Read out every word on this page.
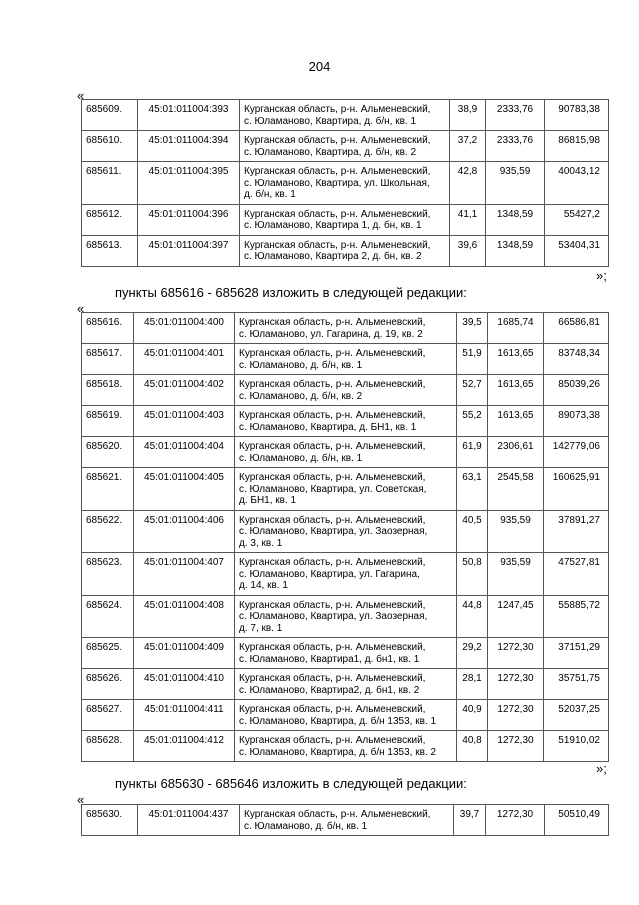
204
«
685609.	45:01:011004:393	Курганская область, р-н. Альменевский,
с. Юламаново, Квартира, д. б/н, кв. 1	38,9	2333,76	90783,38
685610.	45:01:011004:394	Курганская область, р-н. Альменевский,
с. Юламаново, Квартира, д. б/н, кв. 2	37,2	2333,76	86815,98
685611.	45:01:011004:395	Курганская область, р-н. Альменевский,
с. Юламаново, Квартира, ул. Школьная,
д. б/н, кв. 1	42,8	935,59	40043,12
685612.	45:01:011004:396	Курганская область, р-н. Альменевский,
с. Юламаново, Квартира 1, д. бн, кв. 1	41,1	1348,59	55427,2
685613.	45:01:011004:397	Курганская область, р-н. Альменевский,
с. Юламаново, Квартира 2, д. бн, кв. 2	39,6	1348,59	53404,31
»;
пункты 685616 - 685628 изложить в следующей редакции:
«
685616.	45:01:011004:400	Курганская область, р-н. Альменевский,
с. Юламаново, ул. Гагарина, д. 19, кв. 2	39,5	1685,74	66586,81
685617.	45:01:011004:401	Курганская область, р-н. Альменевский,
с. Юламаново, д. б/н, кв. 1	51,9	1613,65	83748,34
685618.	45:01:011004:402	Курганская область, р-н. Альменевский,
с. Юламаново, д. б/н, кв. 2	52,7	1613,65	85039,26
685619.	45:01:011004:403	Курганская область, р-н. Альменевский,
с. Юламаново, Квартира, д. БН1, кв. 1	55,2	1613,65	89073,38
685620.	45:01:011004:404	Курганская область, р-н. Альменевский,
с. Юламаново, д. б/н, кв. 1	61,9	2306,61	142779,06
685621.	45:01:011004:405	Курганская область, р-н. Альменевский,
с. Юламаново, Квартира, ул. Советская,
д. БН1, кв. 1	63,1	2545,58	160625,91
685622.	45:01:011004:406	Курганская область, р-н. Альменевский,
с. Юламаново, Квартира, ул. Заозерная,
д. 3, кв. 1	40,5	935,59	37891,27
685623.	45:01:011004:407	Курганская область, р-н. Альменевский,
с. Юламаново, Квартира, ул. Гагарина,
д. 14, кв. 1	50,8	935,59	47527,81
685624.	45:01:011004:408	Курганская область, р-н. Альменевский,
с. Юламаново, Квартира, ул. Заозерная,
д. 7, кв. 1	44,8	1247,45	55885,72
685625.	45:01:011004:409	Курганская область, р-н. Альменевский,
с. Юламаново, Квартира1, д. бн1, кв. 1	29,2	1272,30	37151,29
685626.	45:01:011004:410	Курганская область, р-н. Альменевский,
с. Юламаново, Квартира2, д. бн1, кв. 2	28,1	1272,30	35751,75
685627.	45:01:011004:411	Курганская область, р-н. Альменевский,
с. Юламаново, Квартира, д. б/н 1353, кв. 1	40,9	1272,30	52037,25
685628.	45:01:011004:412	Курганская область, р-н. Альменевский,
с. Юламаново, Квартира, д. б/н 1353, кв. 2	40,8	1272,30	51910,02
»;
пункты 685630 - 685646 изложить в следующей редакции:
«
685630.	45:01:011004:437	Курганская область, р-н. Альменевский,
с. Юламаново, д. б/н, кв. 1
	39,7	1272,30	50510,49
